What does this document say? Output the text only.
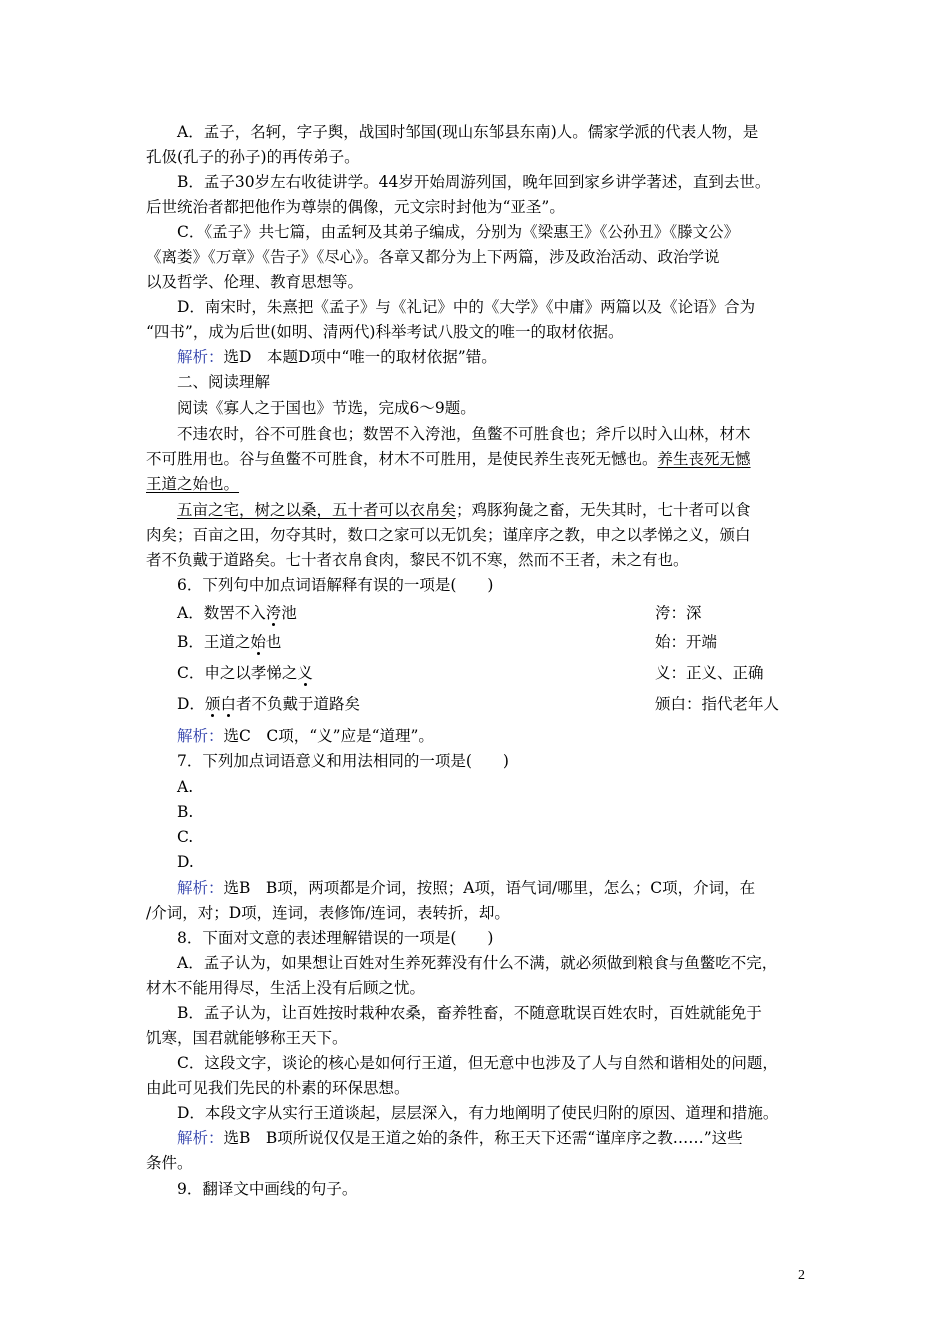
A．孟子，名轲，字子舆，战国时邹国(现山东邹县东南)人。儒家学派的代表人物，是
孔伋(孔子的孙子)的再传弟子。
B．孟子30岁左右收徒讲学。44岁开始周游列国，晚年回到家乡讲学著述，直到去世。
后世统治者都把他作为尊崇的偶像，元文宗时封他为“亚圣”。
C．《孟子》共七篇，由孟轲及其弟子编成，分别为《梁惠王》《公孙丑》《滕文公》
《离娄》《万章》《告子》《尽心》。各章又都分为上下两篇，涉及政治活动、政治学说
以及哲学、伦理、教育思想等。
D．南宋时，朱熹把《孟子》与《礼记》中的《大学》《中庸》两篇以及《论语》合为
“四书”，成为后世(如明、清两代)科举考试八股文的唯一的取材依据。
解析：选D　本题D项中“唯一的取材依据”错。
二、阅读理解
阅读《寡人之于国也》节选，完成6～9题。
不违农时，谷不可胜食也；数罟不入洿池，鱼鳖不可胜食也；斧斤以时入山林，材木
不可胜用也。谷与鱼鳖不可胜食，材木不可胜用，是使民养生丧死无憾也。养生丧死无憾
王道之始也。
五亩之宅，树之以桑，五十者可以衣帛矣；鸡豚狗彘之畜，无失其时，七十者可以食
肉矣；百亩之田，勿夺其时，数口之家可以无饥矣；谨庠序之教，申之以孝悌之义，颁白
者不负戴于道路矣。七十者衣帛食肉，黎民不饥不寒，然而不王者，未之有也。
6．下列句中加点词语解释有误的一项是(　　)
A．数罟不入洿池	洿：深
B．王道之始也	始：开端
C．申之以孝悌之义	义：正义、正确
D．颁白者不负戴于道路矣	颁白：指代老年人
解析：选C　C项，“义”应是“道理”。
7．下列加点词语意义和用法相同的一项是(　　)
A.
B.
C.
D.
解析：选B　B项，两项都是介词，按照；A项，语气词/哪里，怎么；C项，介词，在
/介词，对；D项，连词，表修饰/连词，表转折，却。
8．下面对文意的表述理解错误的一项是(　　)
A．孟子认为，如果想让百姓对生养死葬没有什么不满，就必须做到粮食与鱼鳖吃不完，
材木不能用得尽，生活上没有后顾之忧。
B．孟子认为，让百姓按时栽种农桑，畜养牲畜，不随意耽误百姓农时，百姓就能免于
饥寒，国君就能够称王天下。
C．这段文字，谈论的核心是如何行王道，但无意中也涉及了人与自然和谐相处的问题，
由此可见我们先民的朴素的环保思想。
D．本段文字从实行王道谈起，层层深入，有力地阐明了使民归附的原因、道理和措施。
解析：选B　B项所说仅仅是王道之始的条件，称王天下还需“谨庠序之教……”这些
条件。
9．翻译文中画线的句子。
2
